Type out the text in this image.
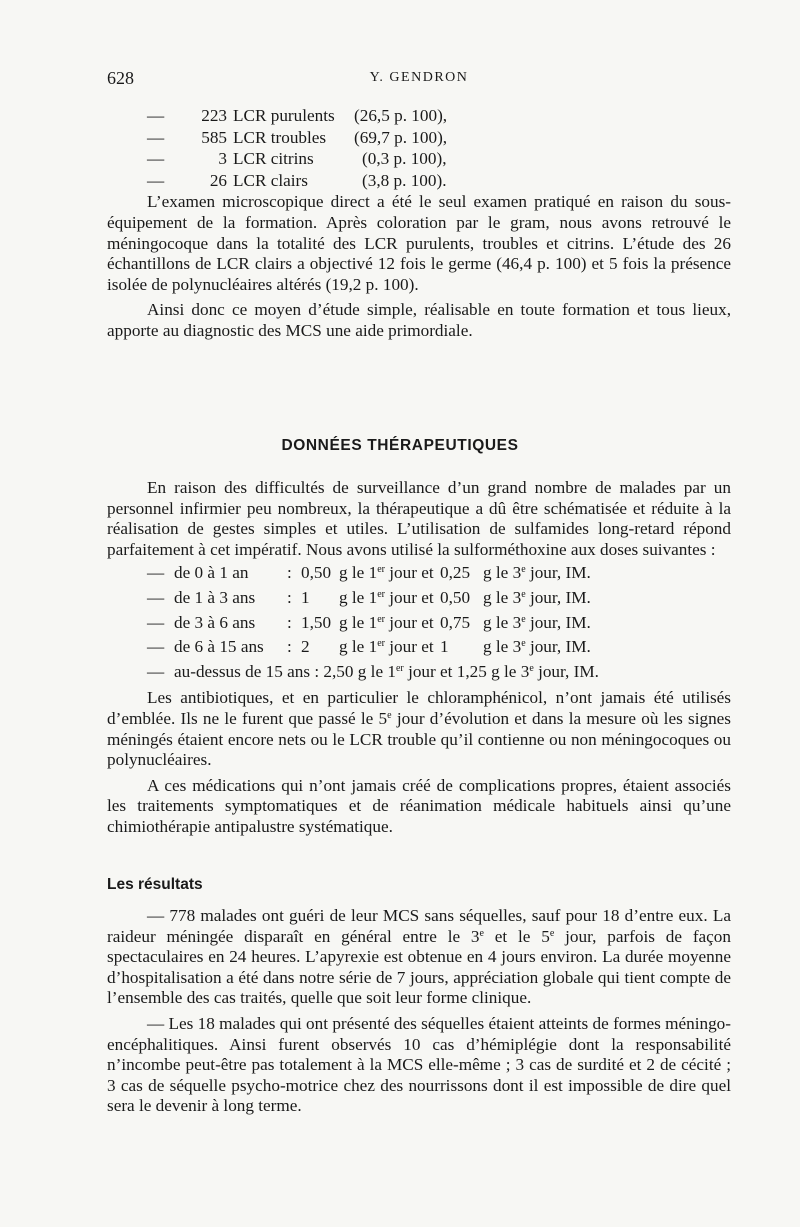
628	Y. GENDRON
—	223 LCR purulents (26,5 p. 100),
—	585 LCR troubles (69,7 p. 100),
—	3 LCR citrins	(0,3 p. 100),
—	26 LCR clairs	(3,8 p. 100).

L’examen microscopique direct a été le seul examen pratiqué en raison du sous-équipement de la formation. Après coloration par le gram, nous avons retrouvé le méningocoque dans la totalité des LCR purulents, troubles et citrins. L’étude des 26 échantillons de LCR clairs a objectivé 12 fois le germe (46,4 p. 100) et 5 fois la présence isolée de polynucléaires altérés (19,2 p. 100).

Ainsi donc ce moyen d’étude simple, réalisable en toute formation et tous lieux, apporte au diagnostic des MCS une aide primordiale.

DONNÉES THÉRAPEUTIQUES

En raison des difficultés de surveillance d’un grand nombre de malades par un personnel infirmier peu nombreux, la thérapeutique a dû être schématisée et réduite à la réalisation de gestes simples et utiles. L’utilisation de sulfamides long-retard répond parfaitement à cet impératif. Nous avons utilisé la sulforméthoxine aux doses suivantes :

— de 0 à 1 an : 0,50 g le 1er jour et 0,25 g le 3e jour, IM.
— de 1 à 3 ans : 1 g le 1er jour et 0,50 g le 3e jour, IM.
— de 3 à 6 ans : 1,50 g le 1er jour et 0,75 g le 3e jour, IM.
— de 6 à 15 ans : 2 g le 1er jour et 1 g le 3e jour, IM.
— au-dessus de 15 ans : 2,50 g le 1er jour et 1,25 g le 3e jour, IM.

Les antibiotiques, et en particulier le chloramphénicol, n’ont jamais été utilisés d’emblée. Ils ne le furent que passé le 5e jour d’évolution et dans la mesure où les signes méningés étaient encore nets ou le LCR trouble qu’il contienne ou non méningocoques ou polynucléaires.

A ces médications qui n’ont jamais créé de complications propres, étaient associés les traitements symptomatiques et de réanimation médicale habituels ainsi qu’une chimiothérapie antipalustre systématique.

Les résultats

— 778 malades ont guéri de leur MCS sans séquelles, sauf pour 18 d’entre eux. La raideur méningée disparaît en général entre le 3e et le 5e jour, parfois de façon spectaculaires en 24 heures. L’apyrexie est obtenue en 4 jours environ. La durée moyenne d’hospitalisation a été dans notre série de 7 jours, appréciation globale qui tient compte de l’ensemble des cas traités, quelle que soit leur forme clinique.

— Les 18 malades qui ont présenté des séquelles étaient atteints de formes méningo-encéphalitiques. Ainsi furent observés 10 cas d’hémiplégie dont la responsabilité n’incombe peut-être pas totalement à la MCS elle-même ; 3 cas de surdité et 2 de cécité ; 3 cas de séquelle psycho-motrice chez des nourrissons dont il est impossible de dire quel sera le devenir à long terme.
